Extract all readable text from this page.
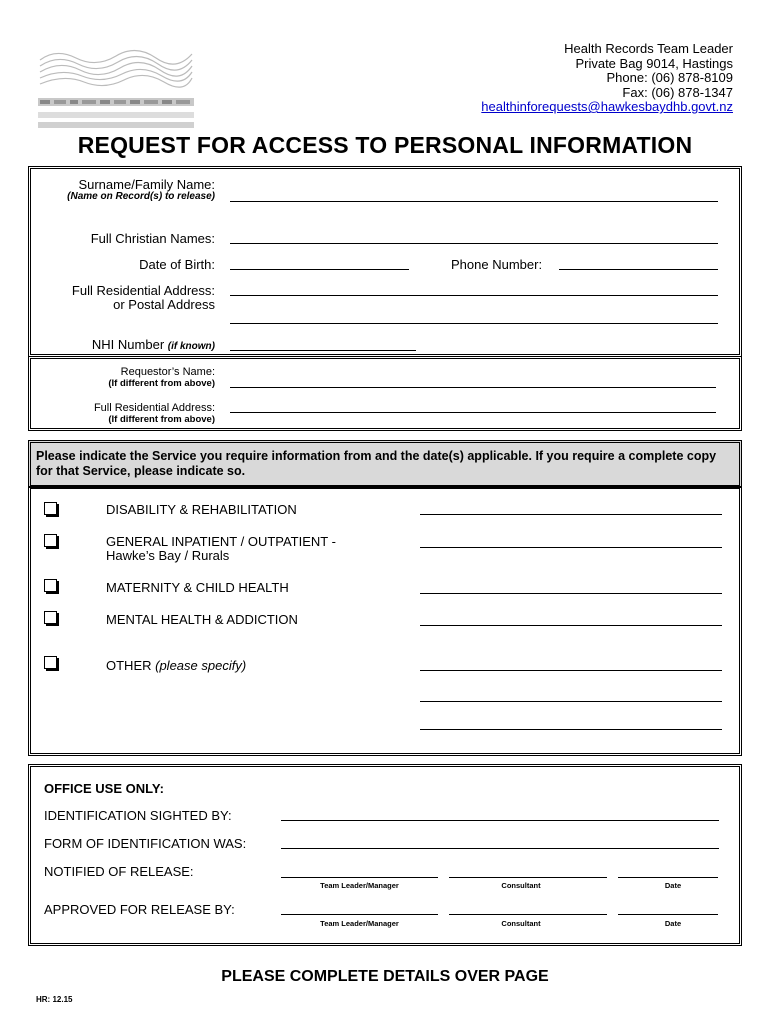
Health Records Team Leader
Private Bag 9014, Hastings
Phone: (06) 878-8109
Fax: (06) 878-1347
healthinforequests@hawkesbaydhb.govt.nz
REQUEST FOR ACCESS TO PERSONAL INFORMATION
Surname/Family Name:
(Name on Record(s) to release)
Full Christian Names:
Date of Birth:	Phone Number:
Full Residential Address:
or Postal Address
NHI Number (if known)
Requestor’s Name:
(If different from above)
Full Residential Address:
(If different from above)
Please indicate the Service you require information from and the date(s) applicable. If you require a complete copy for that Service, please indicate so.
DISABILITY & REHABILITATION
GENERAL INPATIENT / OUTPATIENT -
Hawke’s Bay / Rurals
MATERNITY & CHILD HEALTH
MENTAL HEALTH & ADDICTION
OTHER (please specify)
OFFICE USE ONLY:
IDENTIFICATION SIGHTED BY:
FORM OF IDENTIFICATION WAS:
NOTIFIED OF RELEASE:
Team Leader/Manager	Consultant	Date
APPROVED FOR RELEASE BY:
Team Leader/Manager	Consultant	Date
PLEASE COMPLETE DETAILS OVER PAGE
HR: 12.15
